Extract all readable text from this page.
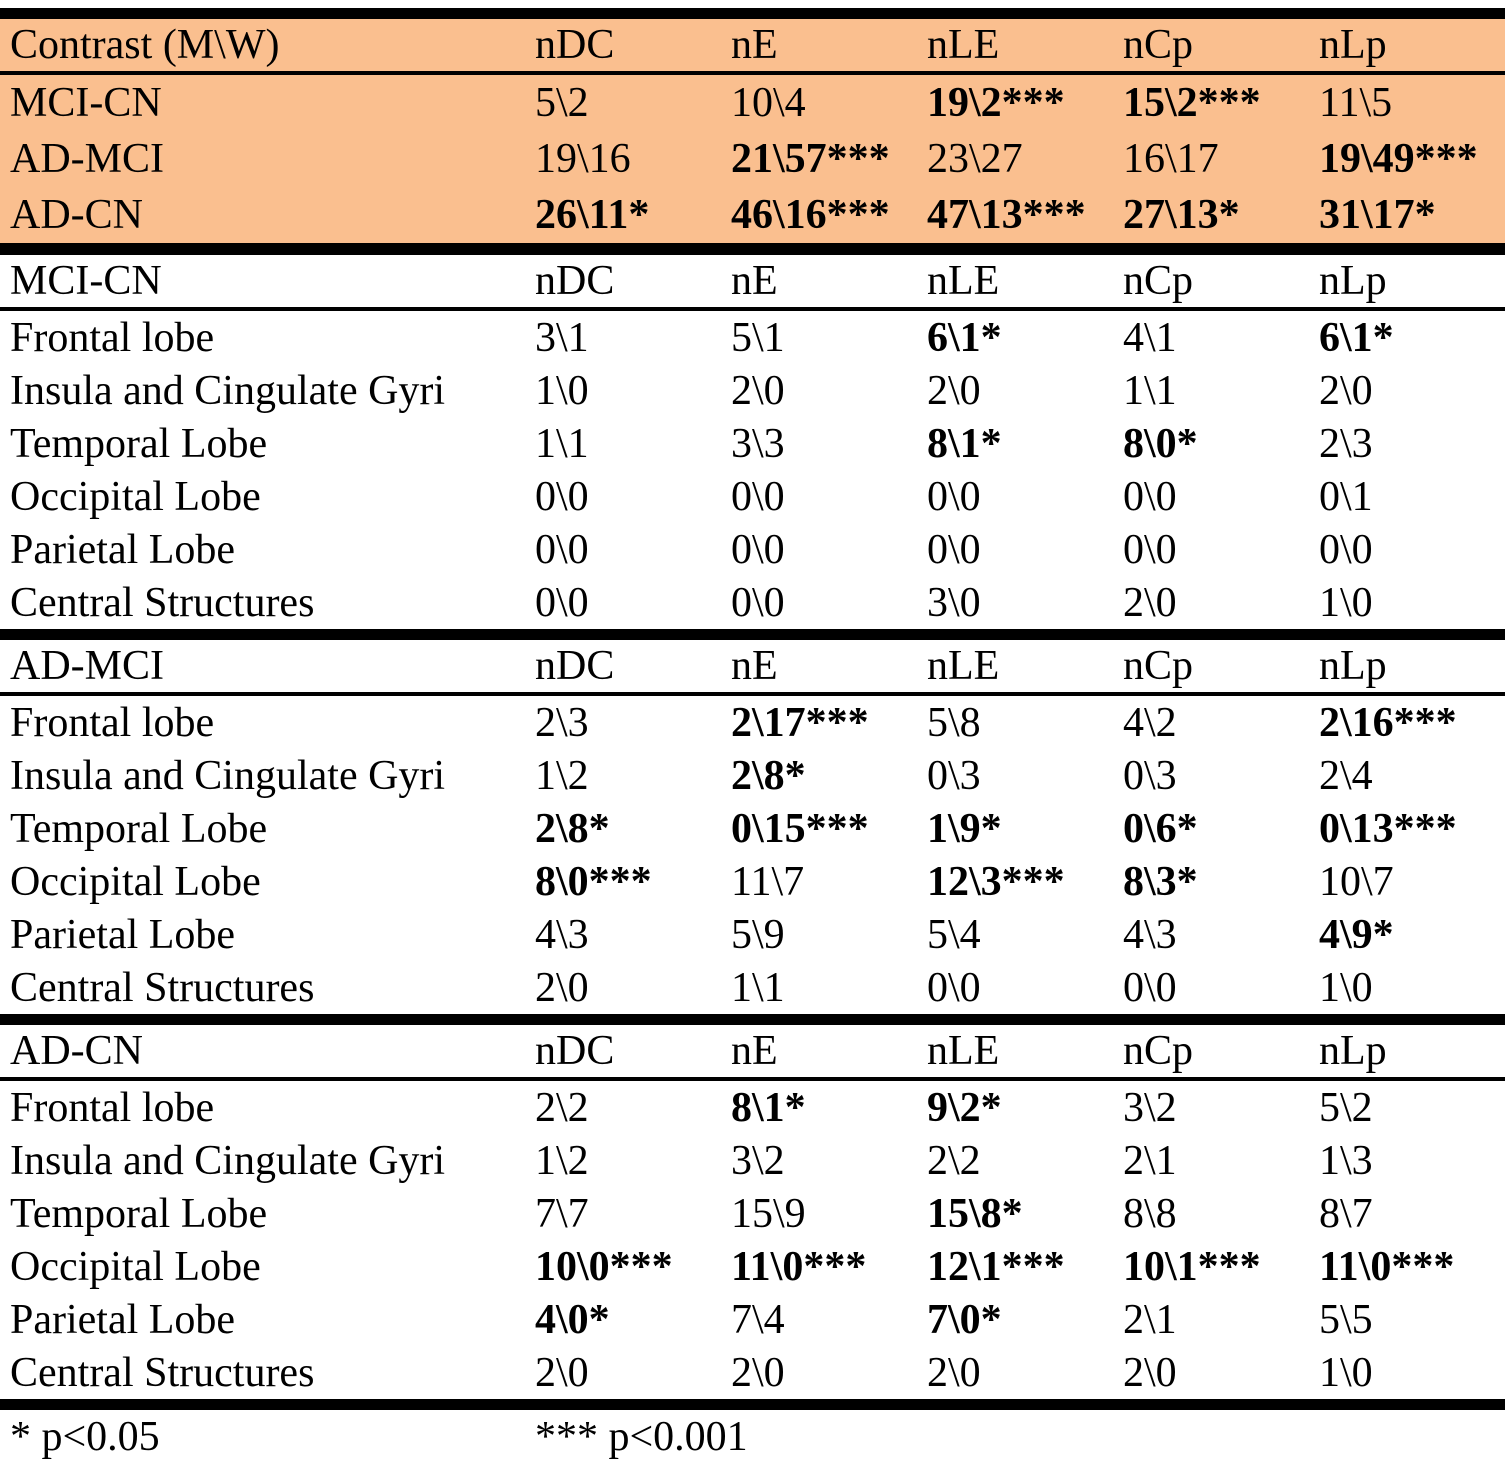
Contrast (M\W)	nDC	nE	nLE	nCp	nLp
MCI-CN	5\2	10\4	19\2***	15\2***	11\5
AD-MCI	19\16	21\57***	23\27	16\17	19\49***
AD-CN	26\11*	46\16***	47\13***	27\13*	31\17*
MCI-CN	nDC	nE	nLE	nCp	nLp
Frontal lobe	3\1	5\1	6\1*	4\1	6\1*
Insula and Cingulate Gyri	1\0	2\0	2\0	1\1	2\0
Temporal Lobe	1\1	3\3	8\1*	8\0*	2\3
Occipital Lobe	0\0	0\0	0\0	0\0	0\1
Parietal Lobe	0\0	0\0	0\0	0\0	0\0
Central Structures	0\0	0\0	3\0	2\0	1\0
AD-MCI	nDC	nE	nLE	nCp	nLp
Frontal lobe	2\3	2\17***	5\8	4\2	2\16***
Insula and Cingulate Gyri	1\2	2\8*	0\3	0\3	2\4
Temporal Lobe	2\8*	0\15***	1\9*	0\6*	0\13***
Occipital Lobe	8\0***	11\7	12\3***	8\3*	10\7
Parietal Lobe	4\3	5\9	5\4	4\3	4\9*
Central Structures	2\0	1\1	0\0	0\0	1\0
AD-CN	nDC	nE	nLE	nCp	nLp
Frontal lobe	2\2	8\1*	9\2*	3\2	5\2
Insula and Cingulate Gyri	1\2	3\2	2\2	2\1	1\3
Temporal Lobe	7\7	15\9	15\8*	8\8	8\7
Occipital Lobe	10\0***	11\0***	12\1***	10\1***	11\0***
Parietal Lobe	4\0*	7\4	7\0*	2\1	5\5
Central Structures	2\0	2\0	2\0	2\0	1\0
* p<0.05	*** p<0.001
